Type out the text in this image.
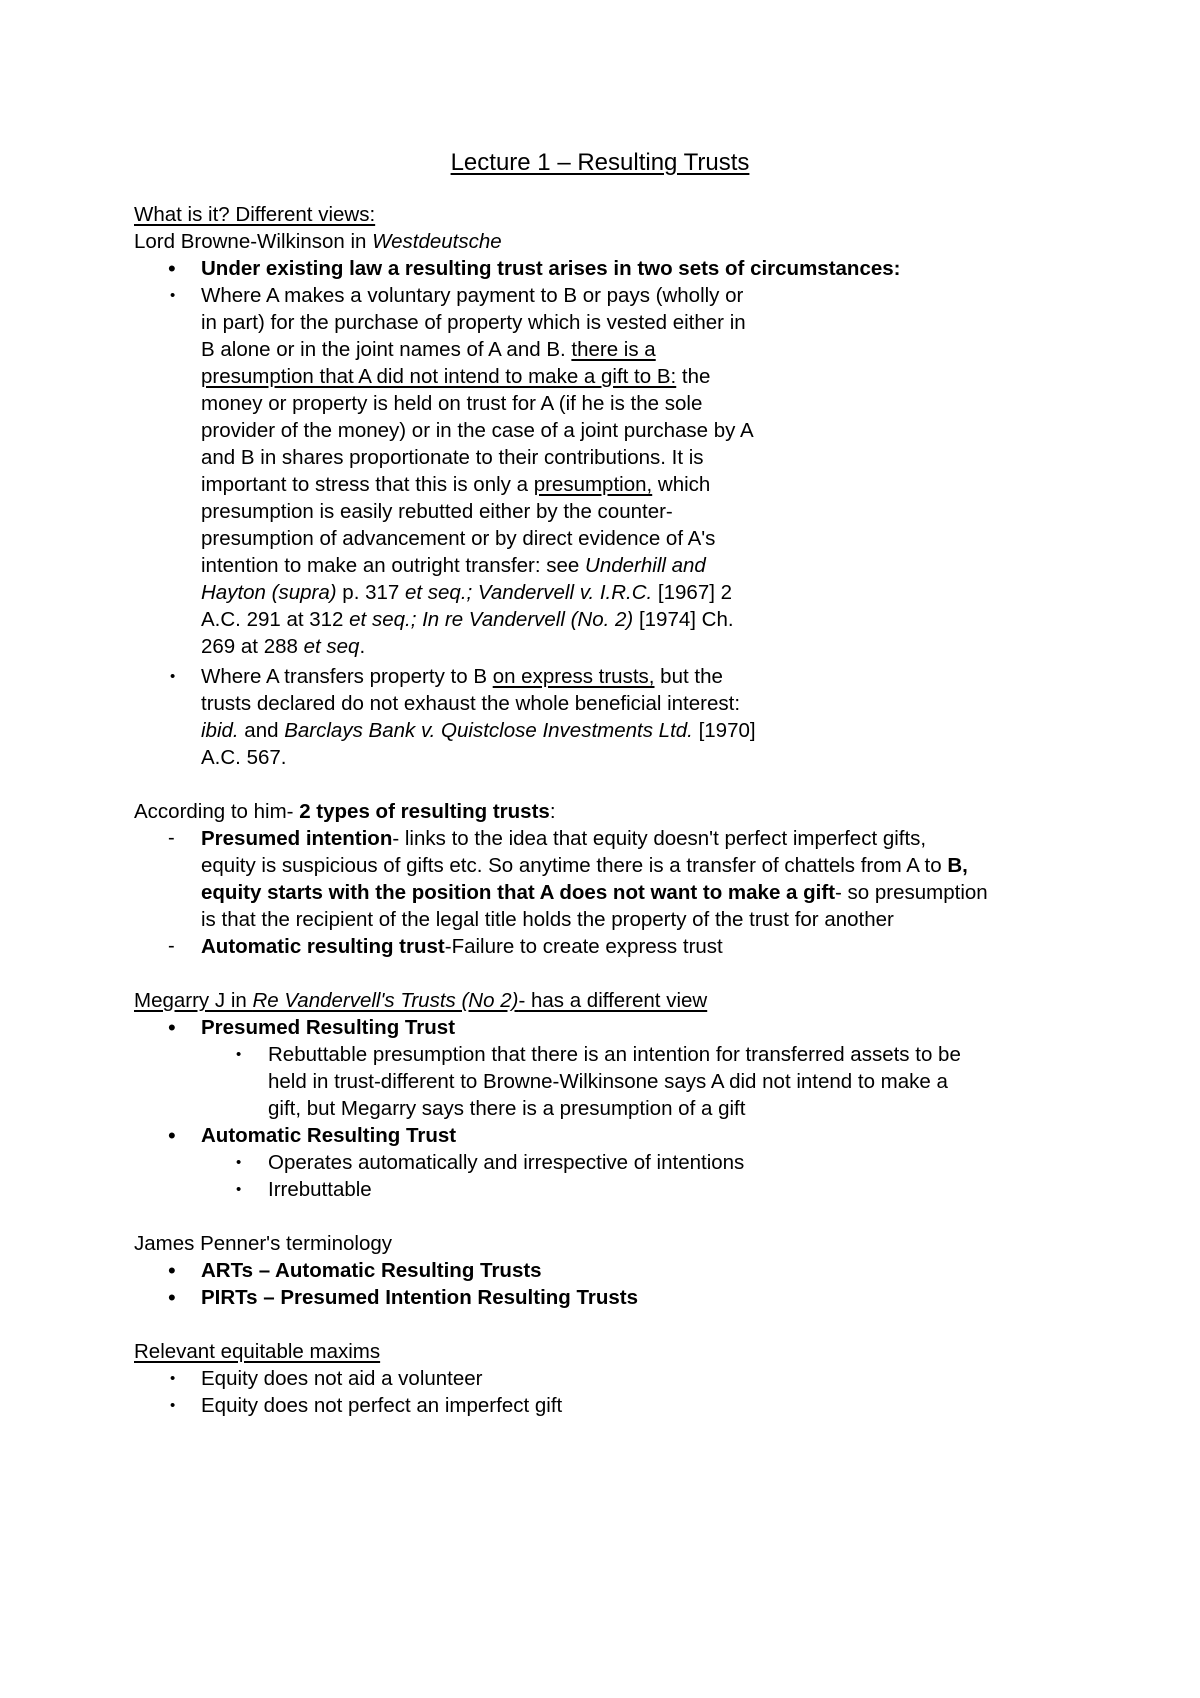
Lecture 1 – Resulting Trusts
What is it? Different views:
Lord Browne-Wilkinson in Westdeutsche
• Under existing law a resulting trust arises in two sets of circumstances:
• Where A makes a voluntary payment to B or pays (wholly or
in part) for the purchase of property which is vested either in
B alone or in the joint names of A and B. there is a
presumption that A did not intend to make a gift to B: the
money or property is held on trust for A (if he is the sole
provider of the money) or in the case of a joint purchase by A
and B in shares proportionate to their contributions. It is
important to stress that this is only a presumption, which
presumption is easily rebutted either by the counter-
presumption of advancement or by direct evidence of A's
intention to make an outright transfer: see Underhill and
Hayton (supra) p. 317 et seq.; Vandervell v. I.R.C. [1967] 2
A.C. 291 at 312 et seq.; In re Vandervell (No. 2) [1974] Ch.
269 at 288 et seq.
• Where A transfers property to B on express trusts, but the
trusts declared do not exhaust the whole beneficial interest:
ibid. and Barclays Bank v. Quistclose Investments Ltd. [1970]
A.C. 567.
According to him- 2 types of resulting trusts:
- Presumed intention- links to the idea that equity doesn't perfect imperfect gifts,
equity is suspicious of gifts etc. So anytime there is a transfer of chattels from A to B,
equity starts with the position that A does not want to make a gift- so presumption
is that the recipient of the legal title holds the property of the trust for another
- Automatic resulting trust-Failure to create express trust
Megarry J in Re Vandervell's Trusts (No 2)- has a different view
• Presumed Resulting Trust
• Rebuttable presumption that there is an intention for transferred assets to be
held in trust-different to Browne-Wilkinsone says A did not intend to make a
gift, but Megarry says there is a presumption of a gift
• Automatic Resulting Trust
• Operates automatically and irrespective of intentions
• Irrebuttable
James Penner's terminology
• ARTs – Automatic Resulting Trusts
• PIRTs – Presumed Intention Resulting Trusts
Relevant equitable maxims
• Equity does not aid a volunteer
• Equity does not perfect an imperfect gift
